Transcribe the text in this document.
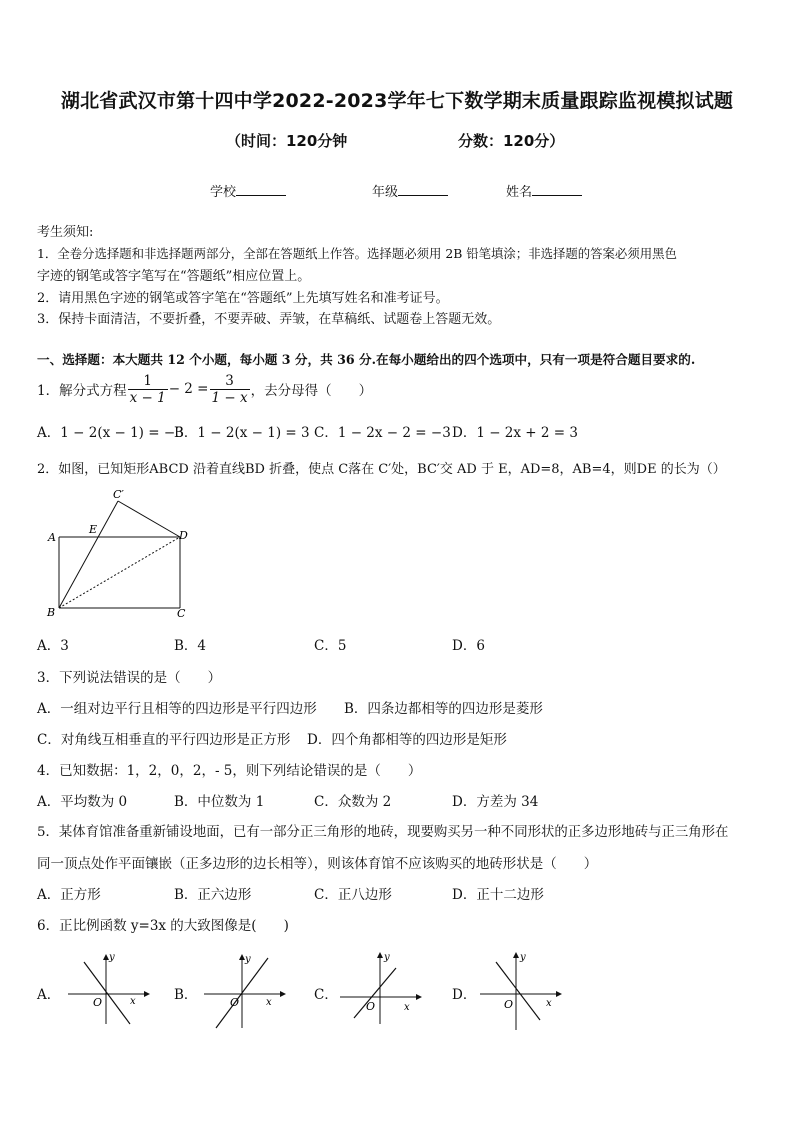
湖北省武汉市第十四中学2022-2023学年七下数学期末质量跟踪监视模拟试题
（时间：120分钟	分数：120分）
学校	年级	姓名
考生须知:
1．全卷分选择题和非选择题两部分，全部在答题纸上作答。选择题必须用 2B 铅笔填涂；非选择题的答案必须用黑色
字迹的钢笔或答字笔写在“答题纸”相应位置上。
2．请用黑色字迹的钢笔或答字笔在“答题纸”上先填写姓名和准考证号。
3．保持卡面清洁，不要折叠，不要弄破、弄皱，在草稿纸、试题卷上答题无效。
一、选择题：本大题共 12 个小题，每小题 3 分，共 36 分.在每小题给出的四个选项中，只有一项是符合题目要求的.
1．解分式方程 $\frac{1}{x - 1} - 2 = \frac{3}{1 - x}$ ，去分母得（　　）
A．1 − 2(x − 1) = −3
B．1 − 2(x − 1) = 3 C．1 − 2x − 2 = −3 D．1 − 2x + 2 = 3
2．如图，已知矩形ABCD 沿着直线BD 折叠，使点 C落在 C′处，BC′交 AD 于 E，AD=8，AB=4，则DE 的长为（）
A
B	C
D
E
C′
A．3	B．4	C．5	D．6
3．下列说法错误的是（　　）
A．一组对边平行且相等的四边形是平行四边形 B．四条边都相等的四边形是菱形
C．对角线互相垂直的平行四边形是正方形 D．四个角都相等的四边形是矩形
4．已知数据：1，2，0，2，- 5，则下列结论错误的是（　　）
A．平均数为 0	B．中位数为 1	C．众数为 2	D．方差为 34
5．某体育馆准备重新铺设地面，已有一部分正三角形的地砖，现要购买另一种不同形状的正多边形地砖与正三角形在
同一顶点处作平面镶嵌（正多边形的边长相等），则该体育馆不应该购买的地砖形状是（　　）
A．正方形	B．正六边形	C．正八边形	D．正十二边形
6．正比例函数 y=3x 的大致图像是(　　)
A．
y
x
O	B．
y
x
O	C．
y
x
O
D．
y
x
O
